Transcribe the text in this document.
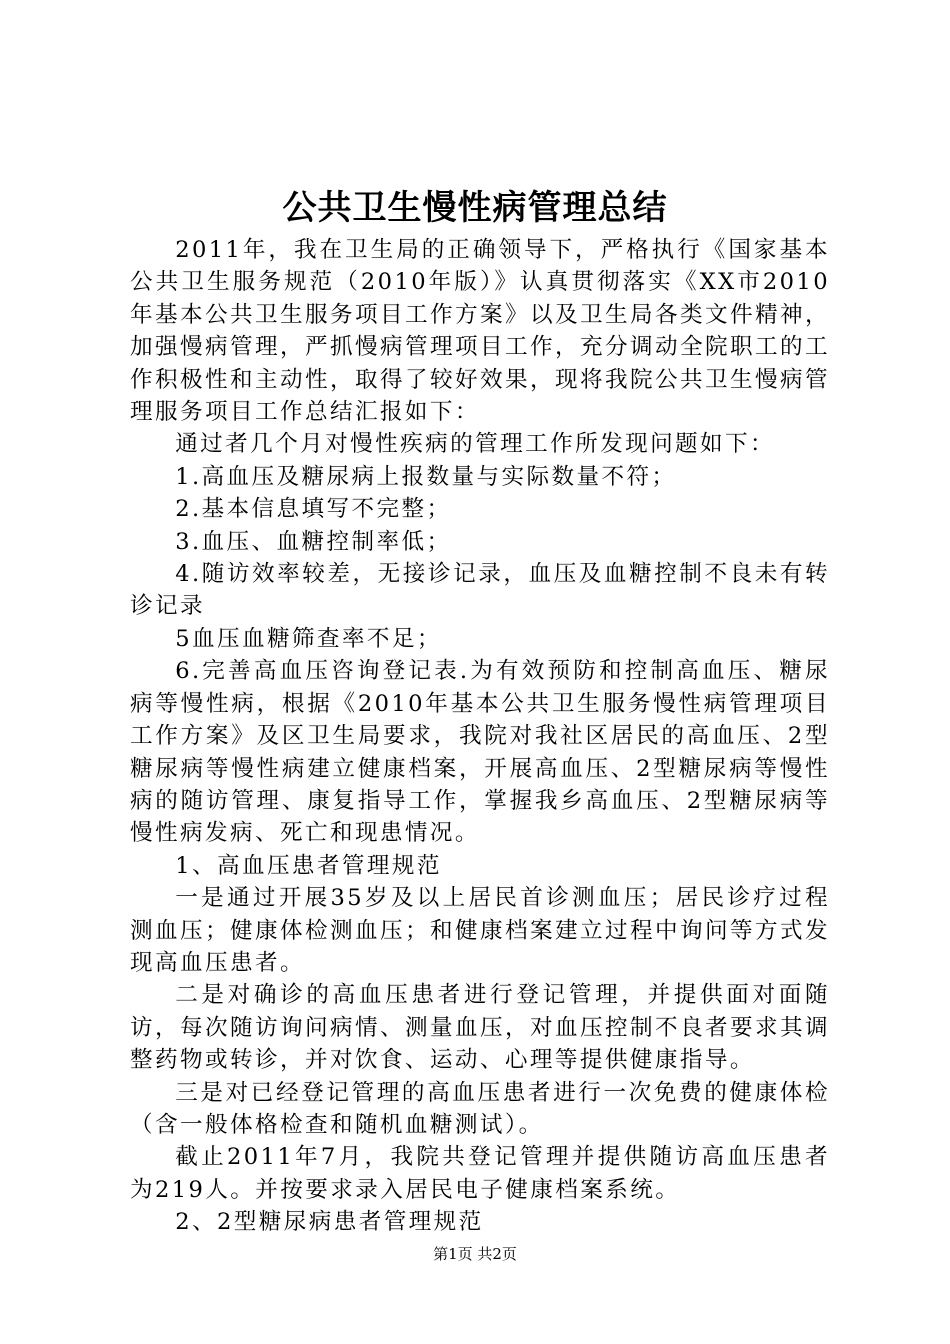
公共卫生慢性病管理总结

2011年，我在卫生局的正确领导下，严格执行《国家基本公共卫生服务规范（2010年版）》认真贯彻落实《XX市2010年基本公共卫生服务项目工作方案》以及卫生局各类文件精神，加强慢病管理，严抓慢病管理项目工作，充分调动全院职工的工作积极性和主动性，取得了较好效果，现将我院公共卫生慢病管理服务项目工作总结汇报如下：

通过者几个月对慢性疾病的管理工作所发现问题如下：

1.高血压及糖尿病上报数量与实际数量不符；

2.基本信息填写不完整；

3.血压、血糖控制率低；

4.随访效率较差，无接诊记录，血压及血糖控制不良未有转诊记录

5血压血糖筛查率不足；

6.完善高血压咨询登记表.为有效预防和控制高血压、糖尿病等慢性病，根据《2010年基本公共卫生服务慢性病管理项目工作方案》及区卫生局要求，我院对我社区居民的高血压、2型糖尿病等慢性病建立健康档案，开展高血压、2型糖尿病等慢性病的随访管理、康复指导工作，掌握我乡高血压、2型糖尿病等慢性病发病、死亡和现患情况。

1、高血压患者管理规范

一是通过开展35岁及以上居民首诊测血压；居民诊疗过程测血压；健康体检测血压；和健康档案建立过程中询问等方式发现高血压患者。

二是对确诊的高血压患者进行登记管理，并提供面对面随访，每次随访询问病情、测量血压，对血压控制不良者要求其调整药物或转诊，并对饮食、运动、心理等提供健康指导。

三是对已经登记管理的高血压患者进行一次免费的健康体检（含一般体格检查和随机血糖测试）。

截止2011年7月，我院共登记管理并提供随访高血压患者为219人。并按要求录入居民电子健康档案系统。

2、2型糖尿病患者管理规范

第1页 共2页
